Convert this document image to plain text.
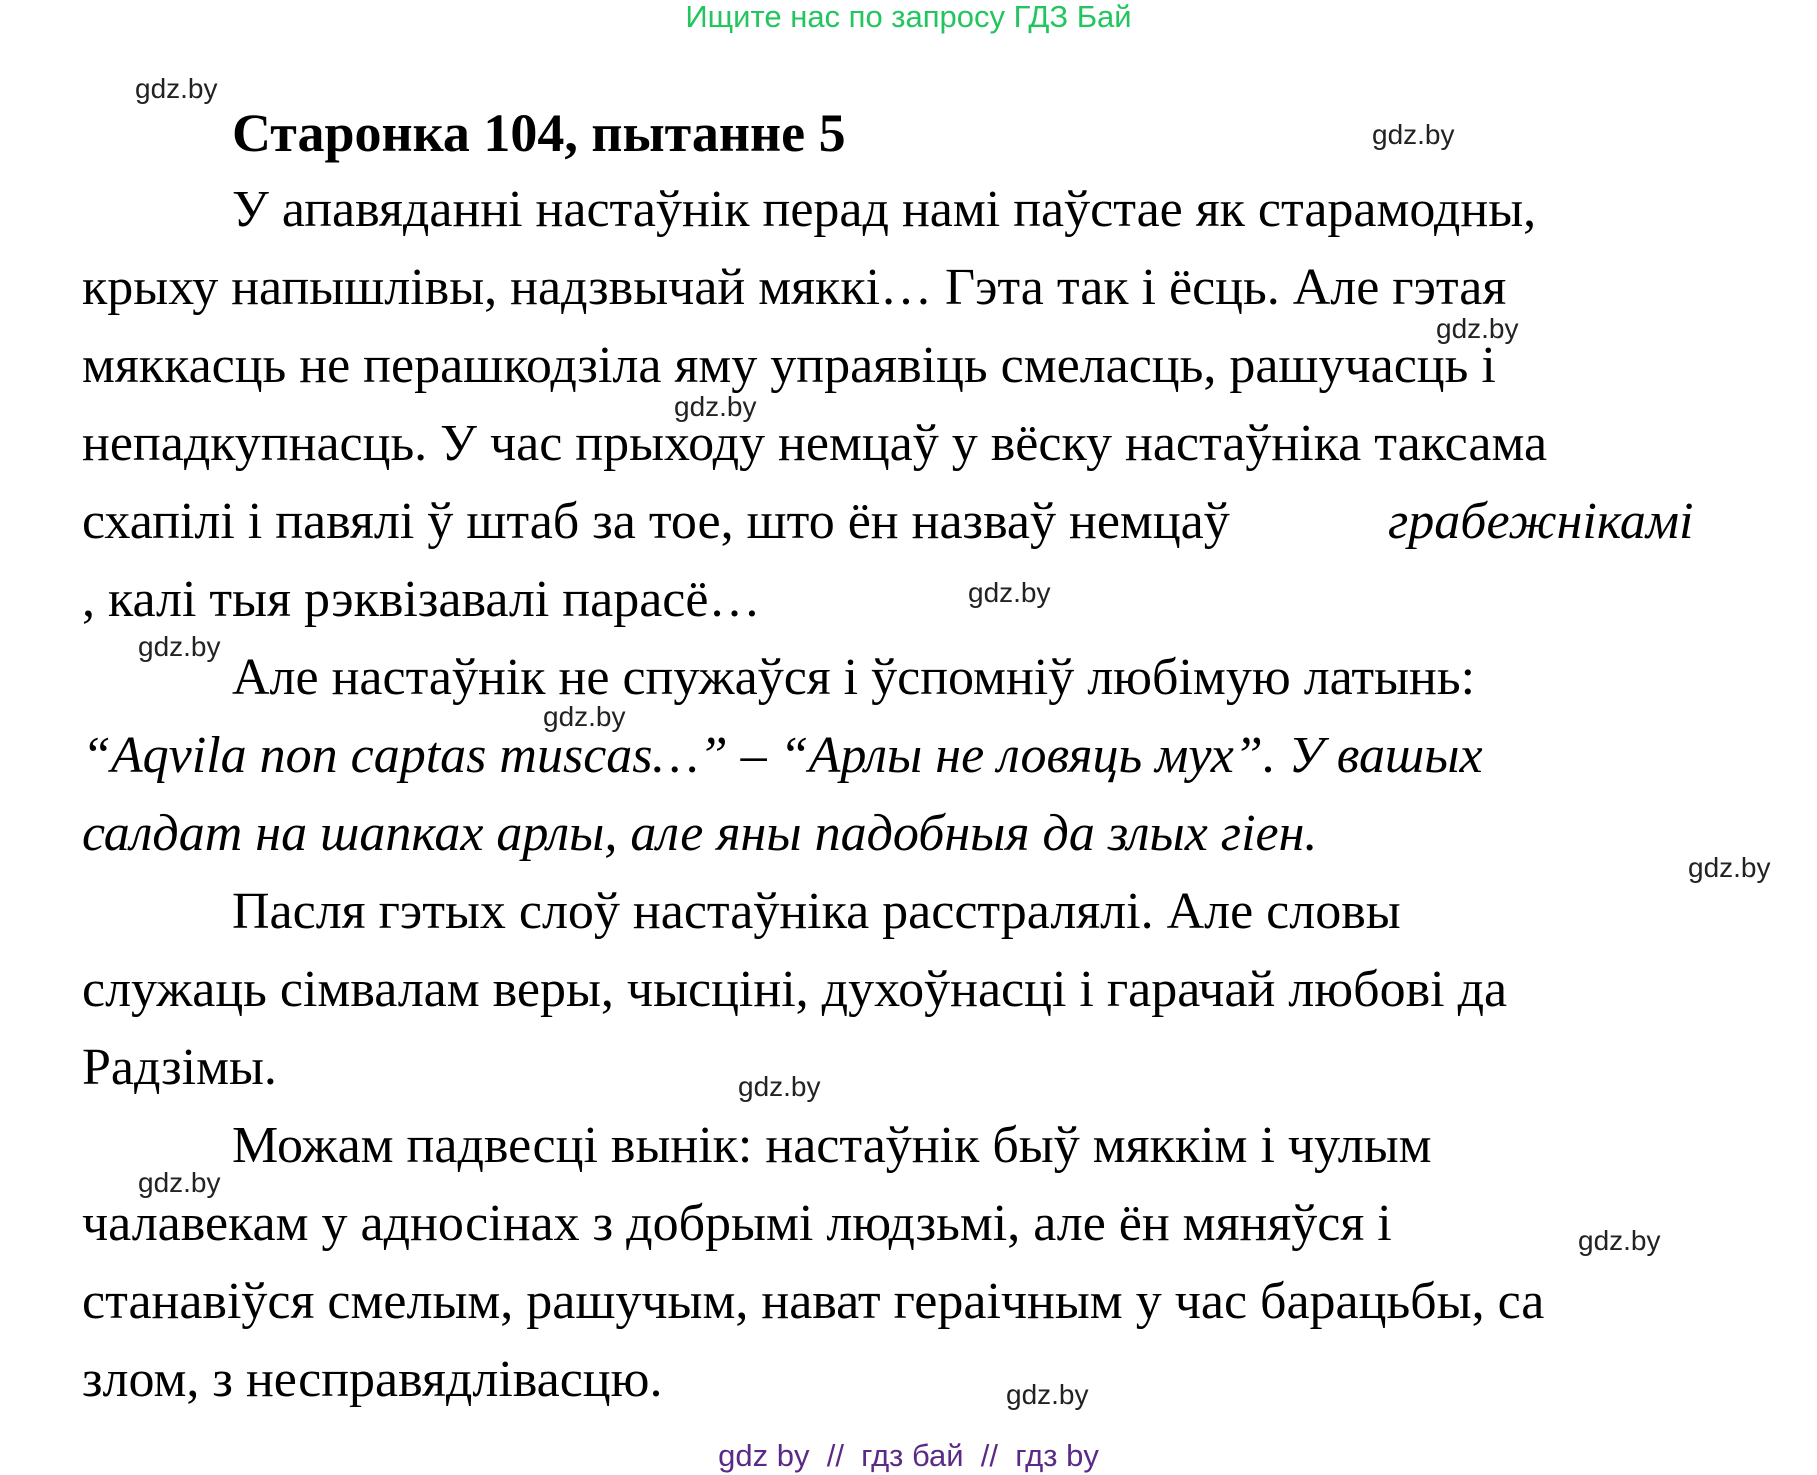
Ищите нас по запросу ГДЗ Бай
gdz.by
gdz.by
gdz.by
gdz.by
gdz.by
gdz.by
gdz.by
gdz.by
gdz.by
gdz.by
gdz.by
gdz.by
Старонка 104, пытанне 5
У апавяданні настаўнік перад намі паўстае як старамодны,
крыху напышлівы, надзвычай мяккі… Гэта так і ёсць. Але гэтая
мяккасць не перашкодзіла яму упраявіць смеласць, рашучасць і
непадкупнасць. У час прыходу немцаў у вёску настаўніка таксама
схапілі і павялі ў штаб за тое, што ён назваў немцаў	грабежнікамі
, калі тыя рэквізавалі парасё…
Але настаўнік не спужаўся і ўспомніў любімую латынь:
“Aqvila non captas muscas…” – “Арлы не ловяць мух”. У вашых
салдат на шапках арлы, але яны падобныя да злых гіен.
Пасля гэтых слоў настаўніка расстралялі. Але словы
служаць сімвалам веры, чысціні, духоўнасці і гарачай любові да
Радзімы.
Можам падвесці вынік: настаўнік быў мяккім і чулым
чалавекам у адносінах з добрымі людзьмі, але ён мяняўся і
станавіўся смелым, рашучым, нават гераічным у час барацьбы, са
злом, з несправядлівасцю.
gdz by  //  гдз бай  //  гдз by
